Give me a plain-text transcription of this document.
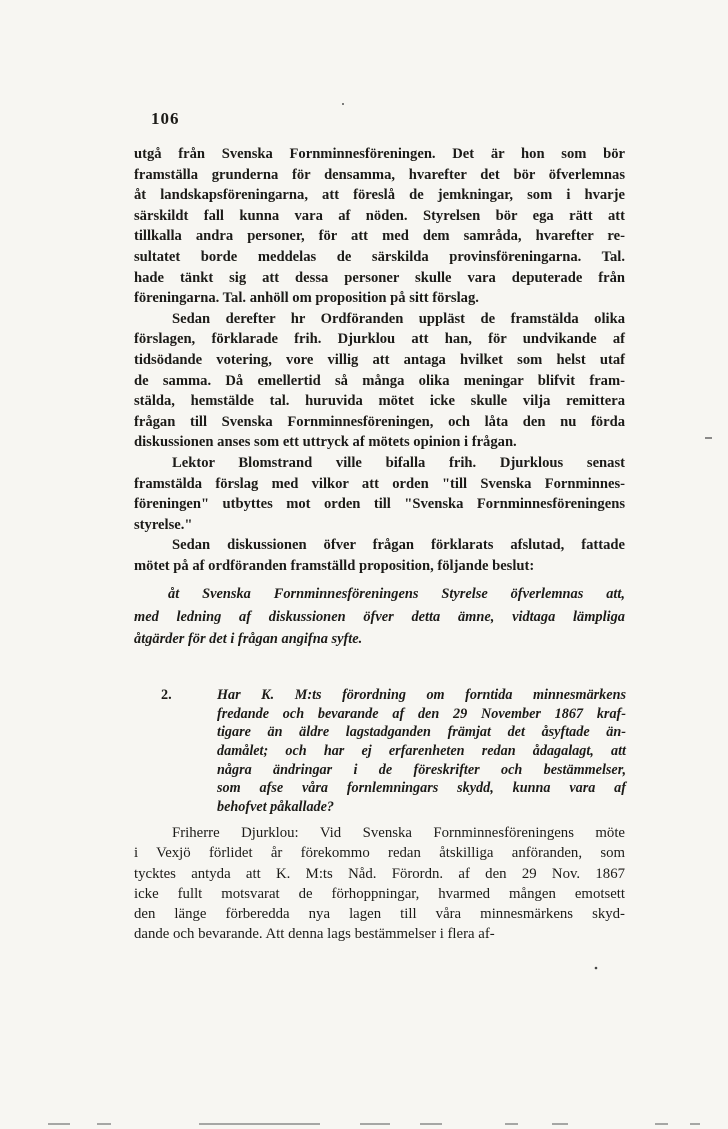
106
utgå från Svenska Fornminnesföreningen. Det är hon som bör
framställa grunderna för densamma, hvarefter det bör öfverlemnas
åt landskapsföreningarna, att föreslå de jemkningar, som i hvarje
särskildt fall kunna vara af nöden. Styrelsen bör ega rätt att
tillkalla andra personer, för att med dem samråda, hvarefter re-
sultatet borde meddelas de särskilda provinsföreningarna. Tal.
hade tänkt sig att dessa personer skulle vara deputerade från
föreningarna. Tal. anhöll om proposition på sitt förslag.
Sedan derefter hr Ordföranden uppläst de framstälda olika
förslagen, förklarade frih. Djurklou att han, för undvikande af
tidsödande votering, vore villig att antaga hvilket som helst utaf
de samma. Då emellertid så många olika meningar blifvit fram-
stälda, hemstälde tal. huruvida mötet icke skulle vilja remittera
frågan till Svenska Fornminnesföreningen, och låta den nu förda
diskussionen anses som ett uttryck af mötets opinion i frågan.
Lektor Blomstrand ville bifalla frih. Djurklous senast
framstälda förslag med vilkor att orden "till Svenska Fornminnes-
föreningen" utbyttes mot orden till "Svenska Fornminnesföreningens
styrelse."
Sedan diskussionen öfver frågan förklarats afslutad, fattade
mötet på af ordföranden framställd proposition, följande beslut:
åt Svenska Fornminnesföreningens Styrelse öfverlemnas att,
med ledning af diskussionen öfver detta ämne, vidtaga lämpliga
åtgärder för det i frågan angifna syfte.
2.	Har K. M:ts förordning om forntida minnesmärkens
fredande och bevarande af den 29 November 1867 kraf-
tigare än äldre lagstadganden främjat det åsyftade än-
damålet; och har ej erfarenheten redan ådagalagt, att
några ändringar i de föreskrifter och bestämmelser,
som afse våra fornlemningars skydd, kunna vara af
behofvet påkallade?
Friherre Djurklou: Vid Svenska Fornminnesföreningens möte
i Vexjö förlidet år förekommo redan åtskilliga anföranden, som
tycktes antyda att K. M:ts Nåd. Förordn. af den 29 Nov. 1867
icke fullt motsvarat de förhoppningar, hvarmed mången emotsett
den länge förberedda nya lagen till våra minnesmärkens skyd-
dande och bevarande. Att denna lags bestämmelser i flera af-
